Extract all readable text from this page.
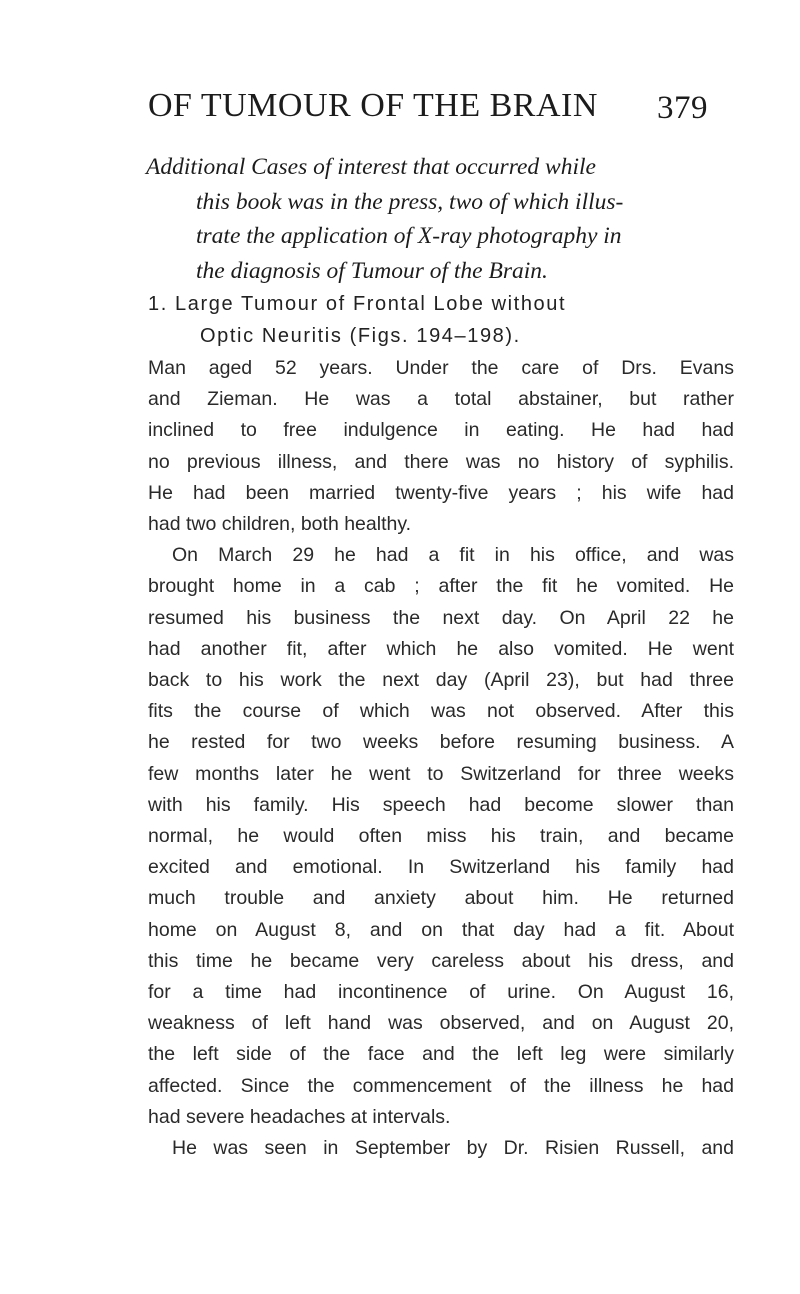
OF TUMOUR OF THE BRAIN 379

Additional Cases of interest that occurred while
this book was in the press, two of which illus-
trate the application of X-ray photography in
the diagnosis of Tumour of the Brain.

1. Large Tumour of Frontal Lobe without
Optic Neuritis (Figs. 194–198).
Man aged 52 years. Under the care of Drs. Evans
and Zieman. He was a total abstainer, but rather
inclined to free indulgence in eating. He had had
no previous illness, and there was no history of syphilis.
He had been married twenty-five years ; his wife had
had two children, both healthy.
On March 29 he had a fit in his office, and was
brought home in a cab ; after the fit he vomited. He
resumed his business the next day. On April 22 he
had another fit, after which he also vomited. He went
back to his work the next day (April 23), but had three
fits the course of which was not observed. After this
he rested for two weeks before resuming business. A
few months later he went to Switzerland for three weeks
with his family. His speech had become slower than
normal, he would often miss his train, and became
excited and emotional. In Switzerland his family had
much trouble and anxiety about him. He returned
home on August 8, and on that day had a fit. About
this time he became very careless about his dress, and
for a time had incontinence of urine. On August 16,
weakness of left hand was observed, and on August 20,
the left side of the face and the left leg were similarly
affected. Since the commencement of the illness he had
had severe headaches at intervals.
He was seen in September by Dr. Risien Russell, and
